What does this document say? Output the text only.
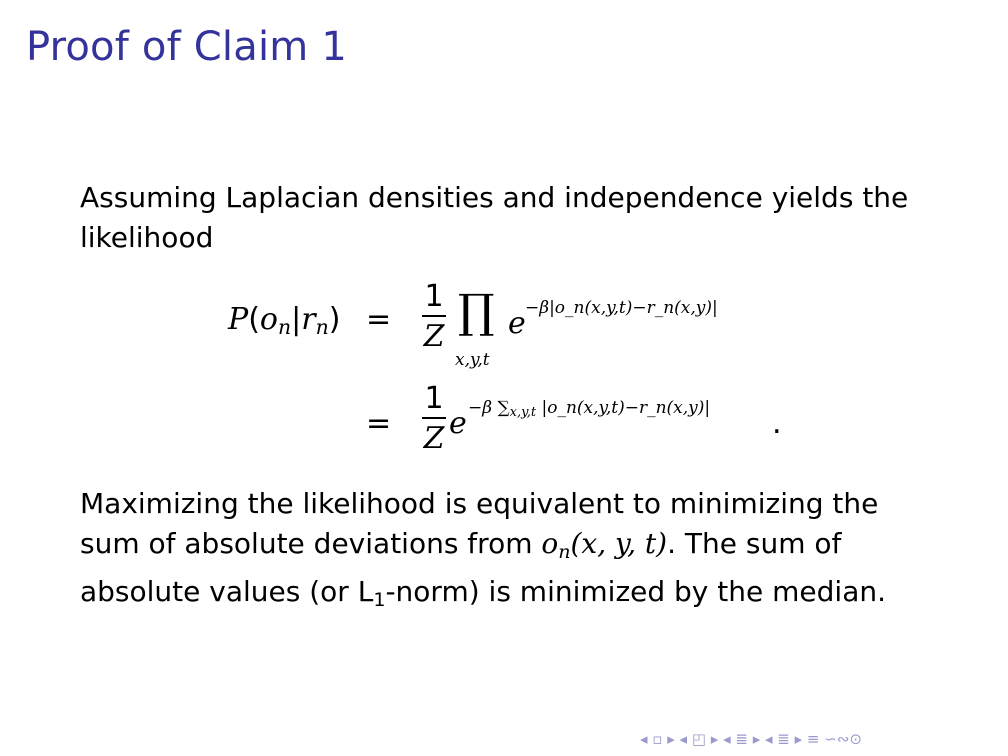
Proof of Claim 1
Assuming Laplacian densities and independence yields the likelihood
$P(o_n|r_n)$ =
1
Z ∏
x,y,t
e −β|o_n(x,y,t)−r_n(x,y)|
=
1
Z e −β ∑x,y,t |o_n(x,y,t)−r_n(x,y)| .
Maximizing the likelihood is equivalent to minimizing the sum of absolute deviations from $o_n(x$, y, t). The sum of absolute values (or $L_1-norm$) is minimized by the median.
◂ ▫ ▸ ◂ ◰ ▸ ◂ ≣ ▸ ◂ ≣ ▸ ≡ ∽∾⊙
